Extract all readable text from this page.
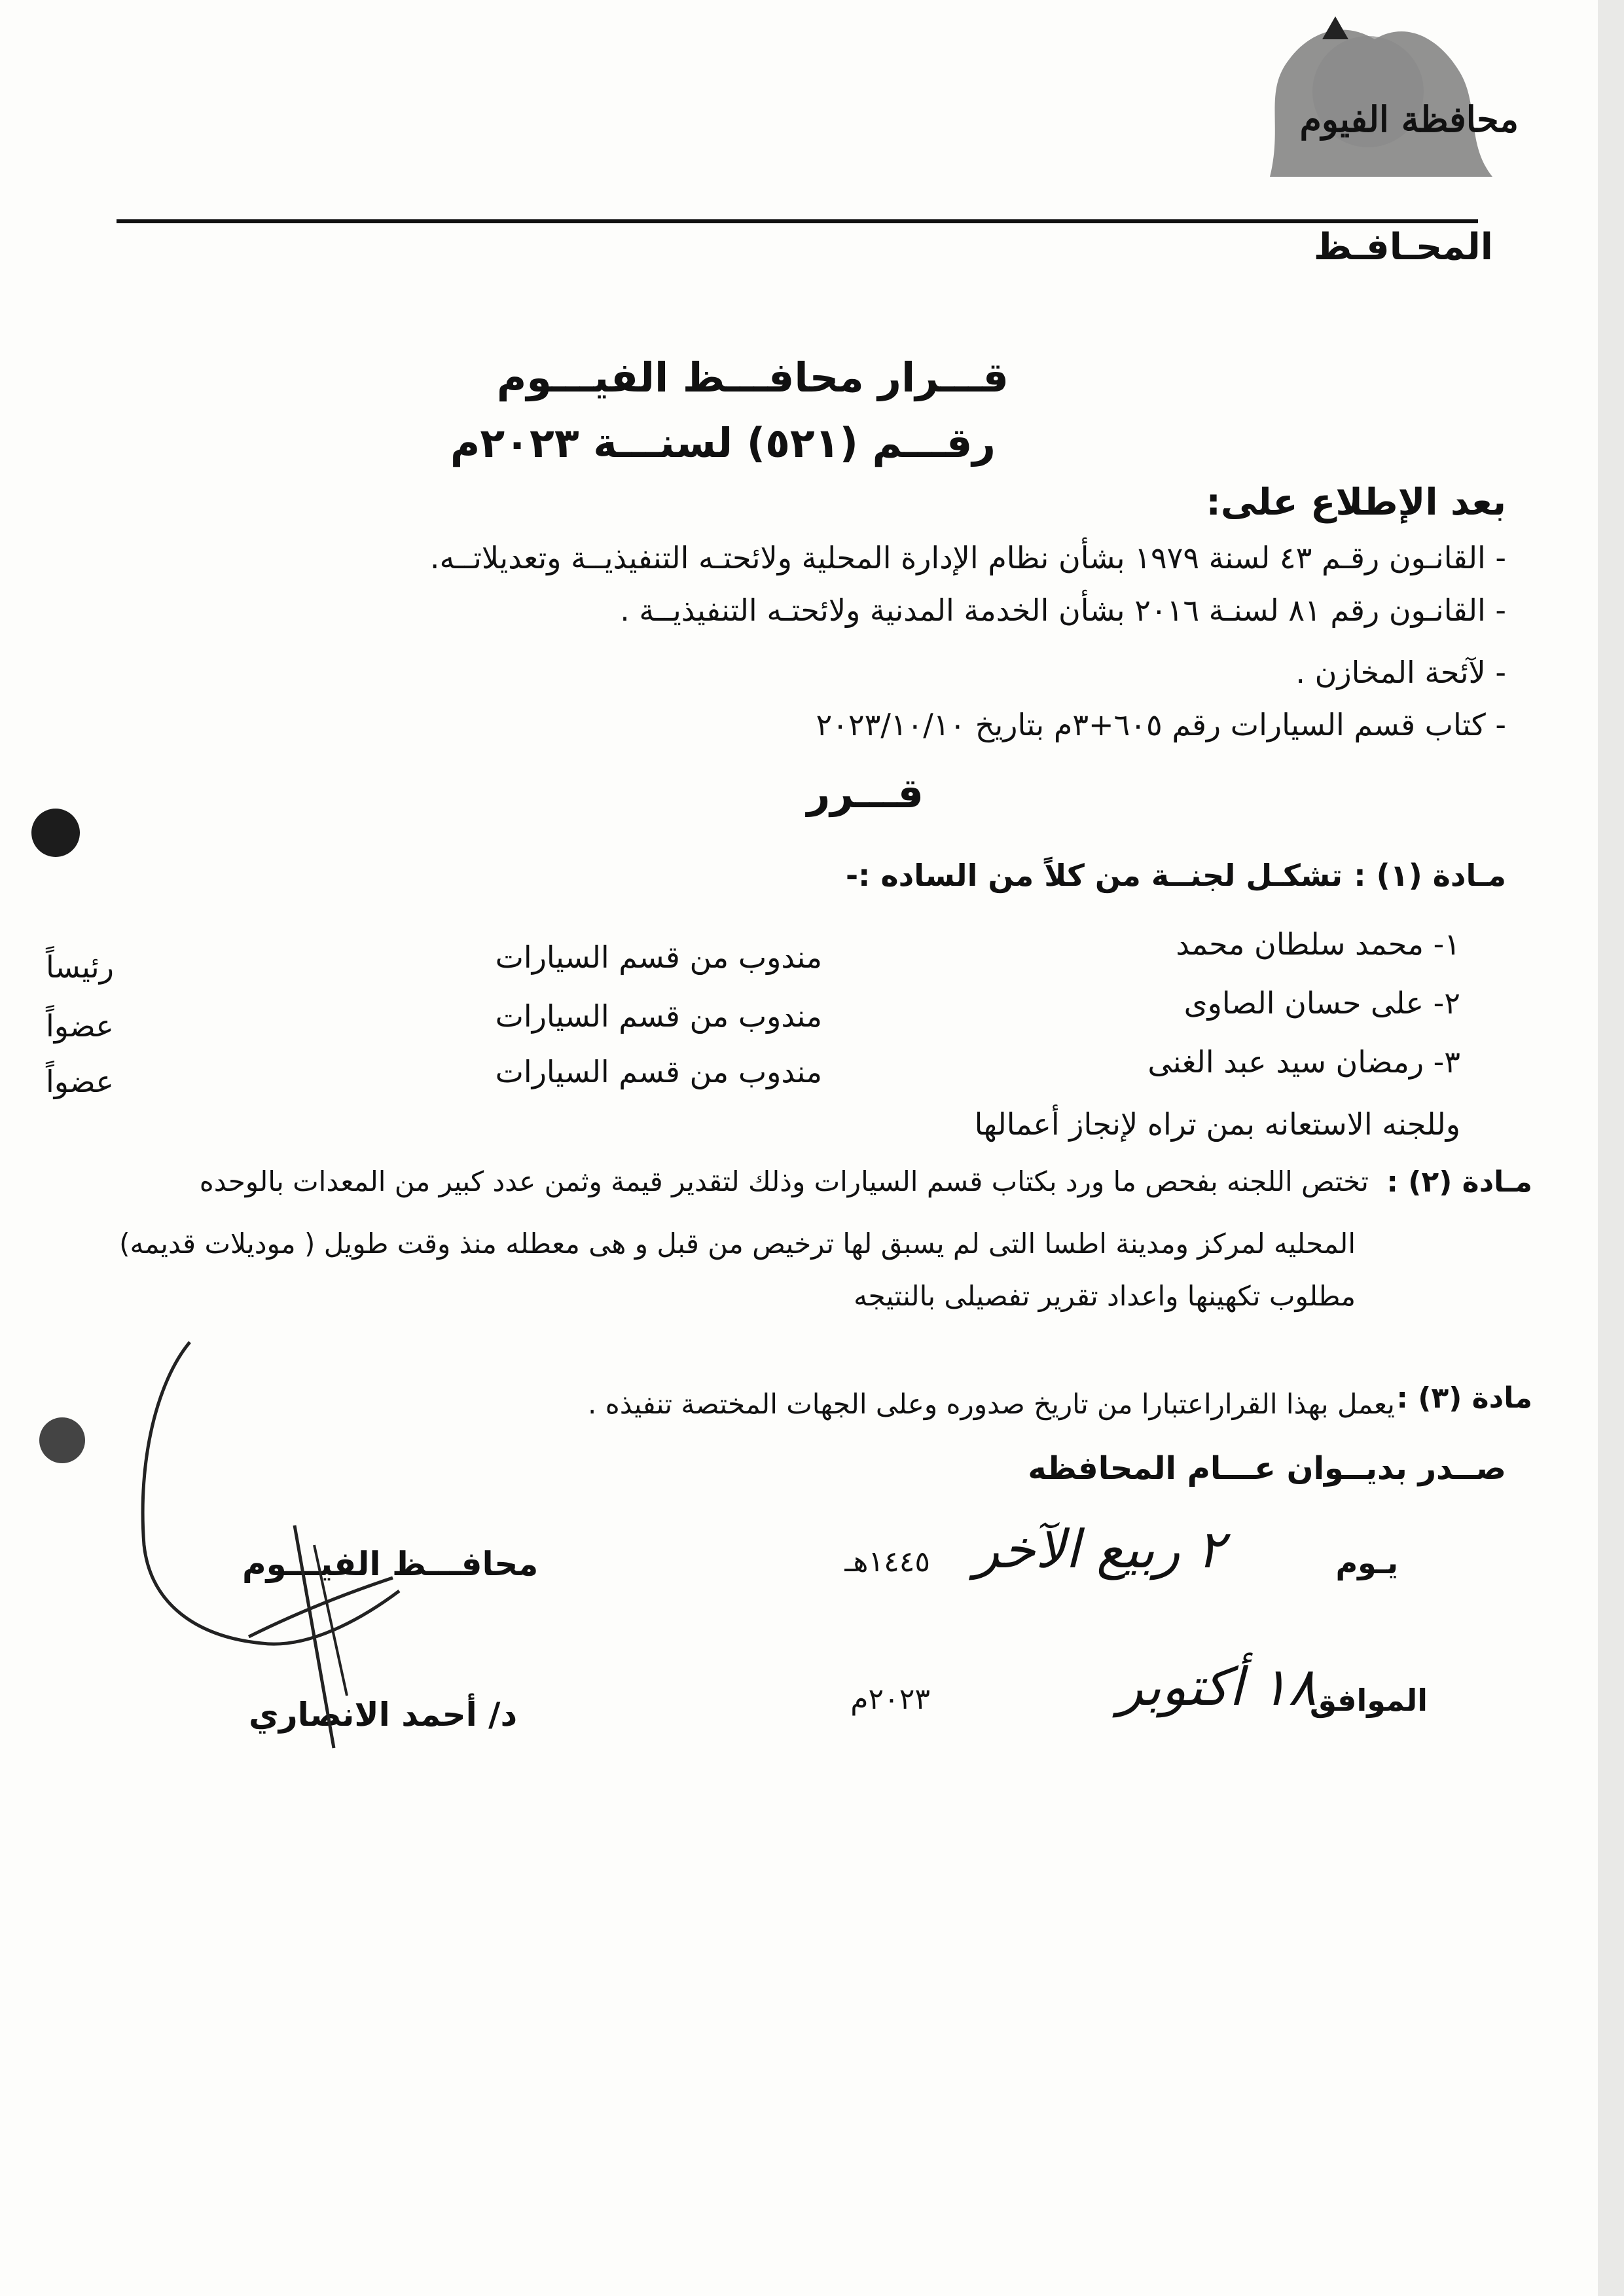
محافظة الفيوم
المحـافـظ
قـــرار محافـــظ الفيـــوم
رقـــم (٥٢١) لسنـــة ٢٠٢٣م
بعد الإطلاع على:
- القانـون رقـم ٤٣ لسنة ١٩٧٩ بشأن نظام الإدارة المحلية ولائحتـه التنفيذيــة وتعديلاتــه.
- القانـون رقم ٨١ لسنـة ٢٠١٦ بشأن الخدمة المدنية ولائحتـه التنفيذيــة .
- لآئحة المخازن .
- كتاب قسم السيارات رقم ٦٠٥+٣م بتاريخ ٢٠٢٣/١٠/١٠
قـــرر
مـادة (١) :
تشكـل لجنــة من كلاً من الساده :-
١- محمد سلطان محمد
مندوب من قسم السيارات
رئيساً
٢- على حسان الصاوى
مندوب من قسم السيارات
عضواً
٣- رمضان سيد عبد الغنى
مندوب من قسم السيارات
عضواً
وللجنه الاستعانه بمن تراه لإنجاز أعمالها
مـادة (٢) :
تختص اللجنه بفحص ما ورد بكتاب قسم السيارات وذلك لتقدير قيمة وثمن عدد كبير من المعدات بالوحده
المحليه لمركز ومدينة اطسا التى لم يسبق لها ترخيص من قبل و هى معطله منذ وقت طويل ( موديلات قديمه)
مطلوب تكهينها واعداد تقرير تفصيلى بالنتيجه
مادة (٣) :
يعمل بهذا القراراعتبارا من تاريخ صدوره وعلى الجهات المختصة تنفيذه .
صــدر بديــوان عـــام المحافظه
يـوم
٢ ربيع الآخر
١٤٤٥هـ
الموافق
١٨ أكتوبر
٢٠٢٣م
محافـــظ الفيـــوم
د/ أحمد الانصاري
